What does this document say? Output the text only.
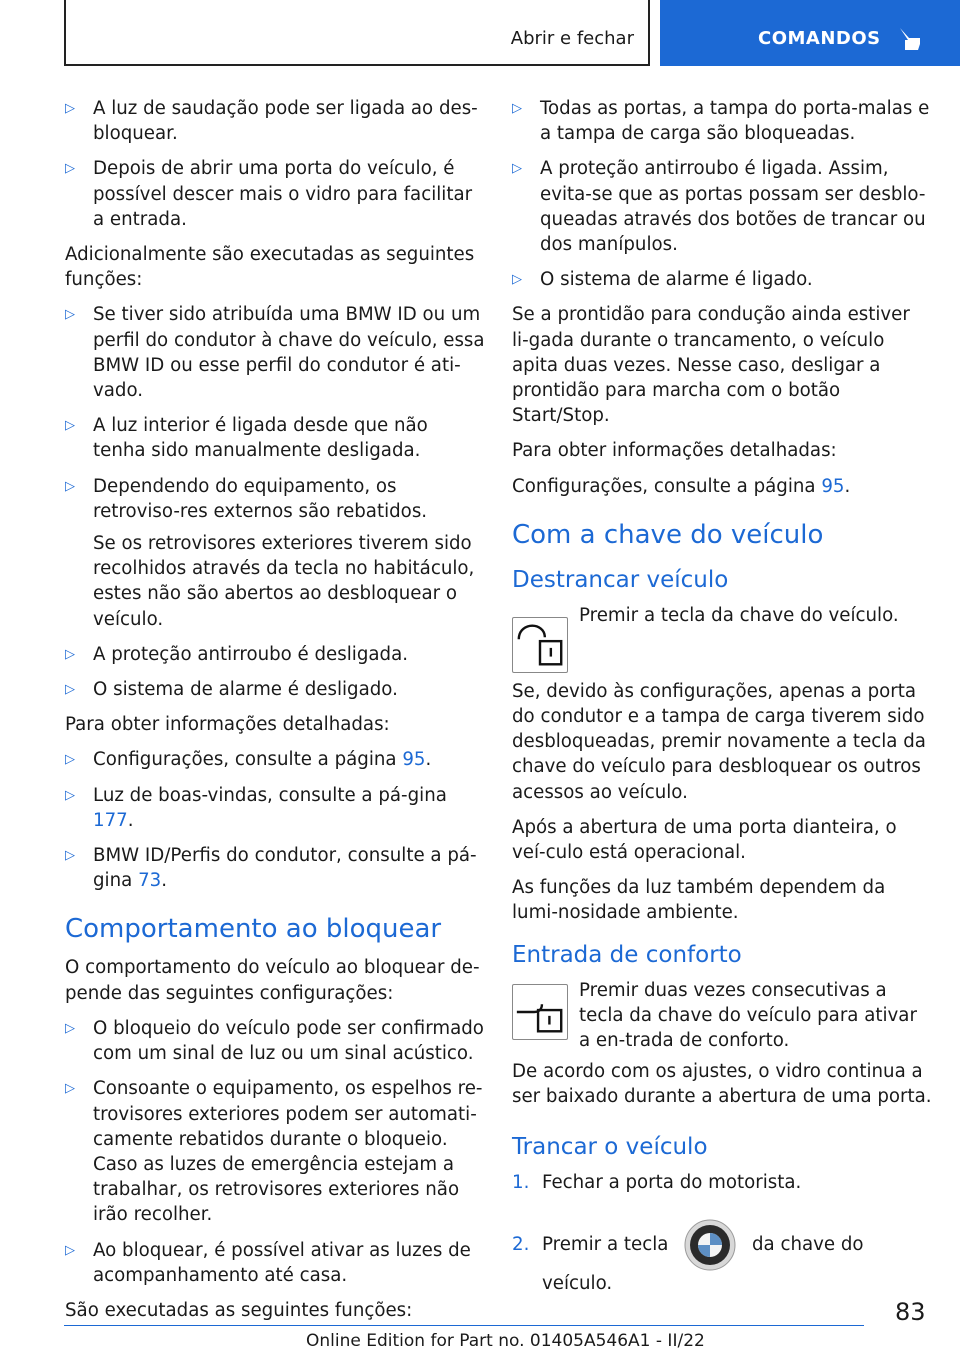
Abrir e fechar	COMANDOS
▷ A luz de saudação pode ser ligada ao des-bloquear.
▷ Depois de abrir uma porta do veículo, é possível descer mais o vidro para facilitar a entrada.
Adicionalmente são executadas as seguintes funções:
▷ Se tiver sido atribuída uma BMW ID ou um perfil do condutor à chave do veículo, essa BMW ID ou esse perfil do condutor é ati-vado.
▷ A luz interior é ligada desde que não tenha sido manualmente desligada.
▷ Dependendo do equipamento, os retroviso-res externos são rebatidos.
Se os retrovisores exteriores tiverem sido recolhidos através da tecla no habitáculo, estes não são abertos ao desbloquear o veículo.
▷ A proteção antirroubo é desligada.
▷ O sistema de alarme é desligado.
Para obter informações detalhadas:
▷ Configurações, consulte a página 95.
▷ Luz de boas-vindas, consulte a pá-gina 177.
▷ BMW ID/Perfis do condutor, consulte a pá-gina 73.
Comportamento ao bloquear
O comportamento do veículo ao bloquear de-pende das seguintes configurações:
▷ O bloqueio do veículo pode ser confirmado com um sinal de luz ou um sinal acústico.
▷ Consoante o equipamento, os espelhos re-trovisores exteriores podem ser automati-camente rebatidos durante o bloqueio. Caso as luzes de emergência estejam a trabalhar, os retrovisores exteriores não irão recolher.
▷ Ao bloquear, é possível ativar as luzes de acompanhamento até casa.
São executadas as seguintes funções:
▷ Todas as portas, a tampa do porta-malas e a tampa de carga são bloqueadas.
▷ A proteção antirroubo é ligada. Assim, evita-se que as portas possam ser desblo-queadas através dos botões de trancar ou dos manípulos.
▷ O sistema de alarme é ligado.
Se a prontidão para condução ainda estiver li-gada durante o trancamento, o veículo apita duas vezes. Nesse caso, desligar a prontidão para marcha com o botão Start/Stop.
Para obter informações detalhadas:
Configurações, consulte a página 95.
Com a chave do veículo
Destrancar veículo
Premir a tecla da chave do veículo.
Se, devido às configurações, apenas a porta do condutor e a tampa de carga tiverem sido desbloqueadas, premir novamente a tecla da chave do veículo para desbloquear os outros acessos ao veículo.
Após a abertura de uma porta dianteira, o veí-culo está operacional.
As funções da luz também dependem da lumi-nosidade ambiente.
Entrada de conforto
Premir duas vezes consecutivas a tecla da chave do veículo para ativar a en-trada de conforto.
De acordo com os ajustes, o vidro continua a ser baixado durante a abertura de uma porta.
Trancar o veículo
1. Fechar a porta do motorista.
2. Premir a tecla	da chave do veículo.
83
Online Edition for Part no. 01405A546A1 - II/22
